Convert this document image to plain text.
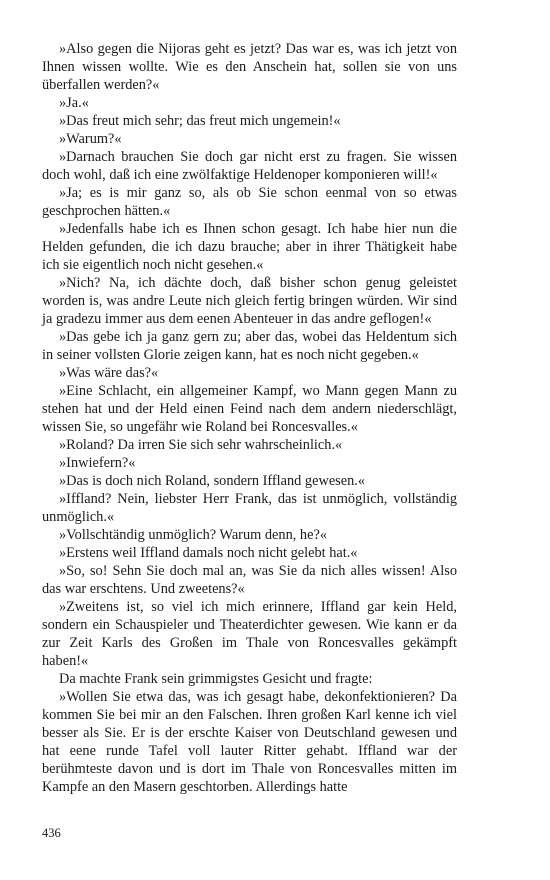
»Also gegen die Nijoras geht es jetzt? Das war es, was ich jetzt von Ihnen wissen wollte. Wie es den Anschein hat, sollen sie von uns überfallen werden?«

»Ja.«

»Das freut mich sehr; das freut mich ungemein!«

»Warum?«

»Darnach brauchen Sie doch gar nicht erst zu fragen. Sie wissen doch wohl, daß ich eine zwölfaktige Heldenoper komponieren will!«

»Ja; es is mir ganz so, als ob Sie schon eenmal von so etwas geschprochen hätten.«

»Jedenfalls habe ich es Ihnen schon gesagt. Ich habe hier nun die Helden gefunden, die ich dazu brauche; aber in ihrer Thätigkeit habe ich sie eigentlich noch nicht gesehen.«

»Nich? Na, ich dächte doch, daß bisher schon genug geleistet worden is, was andre Leute nich gleich fertig bringen würden. Wir sind ja gradezu immer aus dem eenen Abenteuer in das andre geflogen!«

»Das gebe ich ja ganz gern zu; aber das, wobei das Heldentum sich in seiner vollsten Glorie zeigen kann, hat es noch nicht gegeben.«

»Was wäre das?«

»Eine Schlacht, ein allgemeiner Kampf, wo Mann gegen Mann zu stehen hat und der Held einen Feind nach dem andern niederschlägt, wissen Sie, so ungefähr wie Roland bei Roncesvalles.«

»Roland? Da irren Sie sich sehr wahrscheinlich.«

»Inwiefern?«

»Das is doch nich Roland, sondern Iffland gewesen.«

»Iffland? Nein, liebster Herr Frank, das ist unmöglich, vollständig unmöglich.«

»Vollschtändig unmöglich? Warum denn, he?«

»Erstens weil Iffland damals noch nicht gelebt hat.«

»So, so! Sehn Sie doch mal an, was Sie da nich alles wissen! Also das war erschtens. Und zweetens?«

»Zweitens ist, so viel ich mich erinnere, Iffland gar kein Held, sondern ein Schauspieler und Theaterdichter gewesen. Wie kann er da zur Zeit Karls des Großen im Thale von Roncesvalles gekämpft haben!«

Da machte Frank sein grimmigstes Gesicht und fragte:

»Wollen Sie etwa das, was ich gesagt habe, dekonfektionieren? Da kommen Sie bei mir an den Falschen. Ihren großen Karl kenne ich viel besser als Sie. Er is der erschte Kaiser von Deutschland gewesen und hat eene runde Tafel voll lauter Ritter gehabt. Iffland war der berühmteste davon und is dort im Thale von Roncesvalles mitten im Kampfe an den Masern geschtorben. Allerdings hatte

436
